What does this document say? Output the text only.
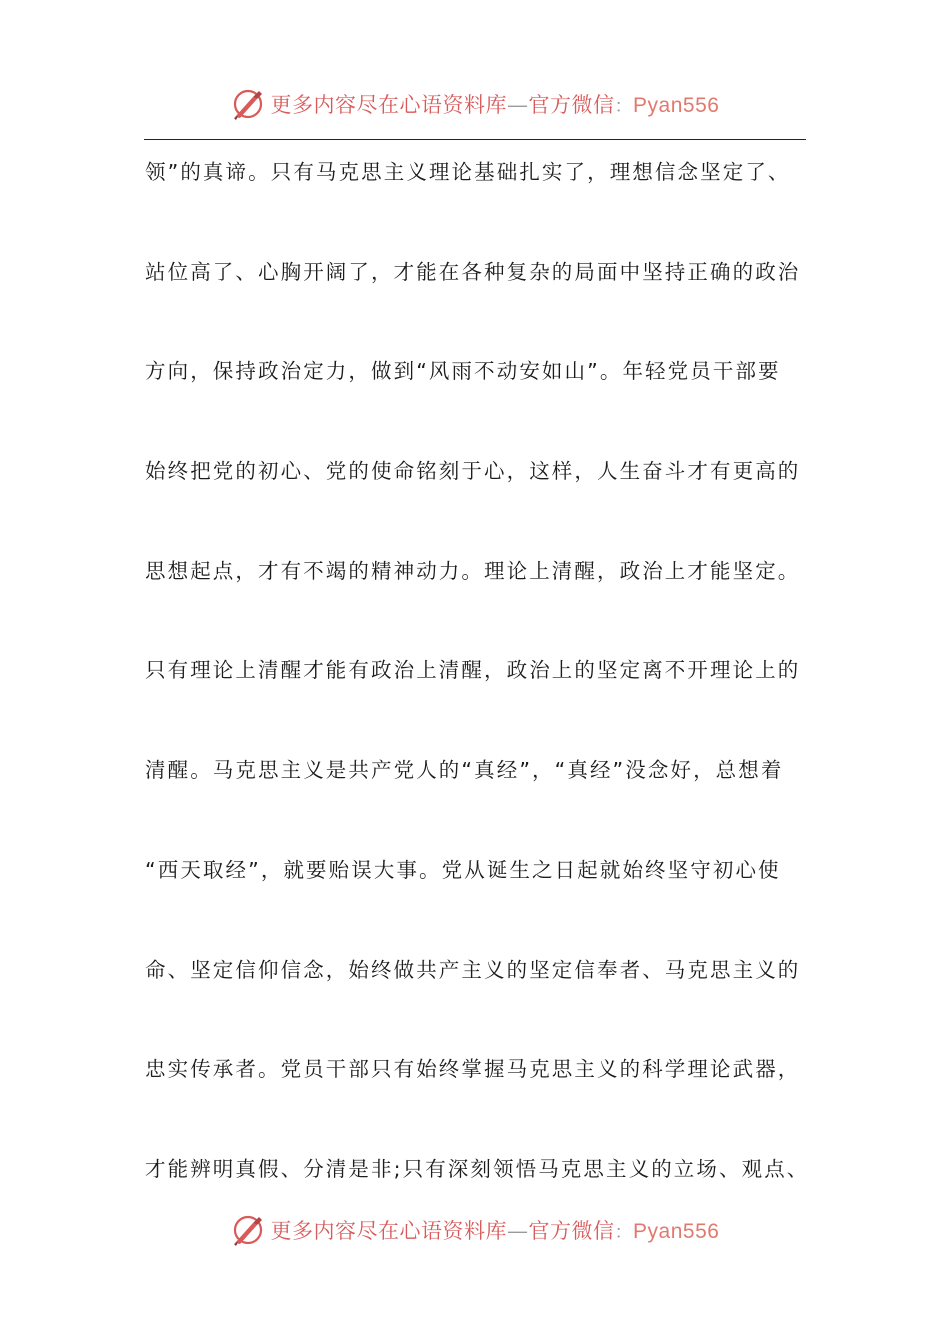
更多内容尽在心语资料库—官方微信：Pyan556
领”的真谛。只有马克思主义理论基础扎实了，理想信念坚定了、
站位高了、心胸开阔了，才能在各种复杂的局面中坚持正确的政治
方向，保持政治定力，做到“风雨不动安如山”。年轻党员干部要
始终把党的初心、党的使命铭刻于心，这样，人生奋斗才有更高的
思想起点，才有不竭的精神动力。理论上清醒，政治上才能坚定。
只有理论上清醒才能有政治上清醒，政治上的坚定离不开理论上的
清醒。马克思主义是共产党人的“真经”，“真经”没念好，总想着
“西天取经”，就要贻误大事。党从诞生之日起就始终坚守初心使
命、坚定信仰信念，始终做共产主义的坚定信奉者、马克思主义的
忠实传承者。党员干部只有始终掌握马克思主义的科学理论武器，
才能辨明真假、分清是非;只有深刻领悟马克思主义的立场、观点、
更多内容尽在心语资料库—官方微信：Pyan556
